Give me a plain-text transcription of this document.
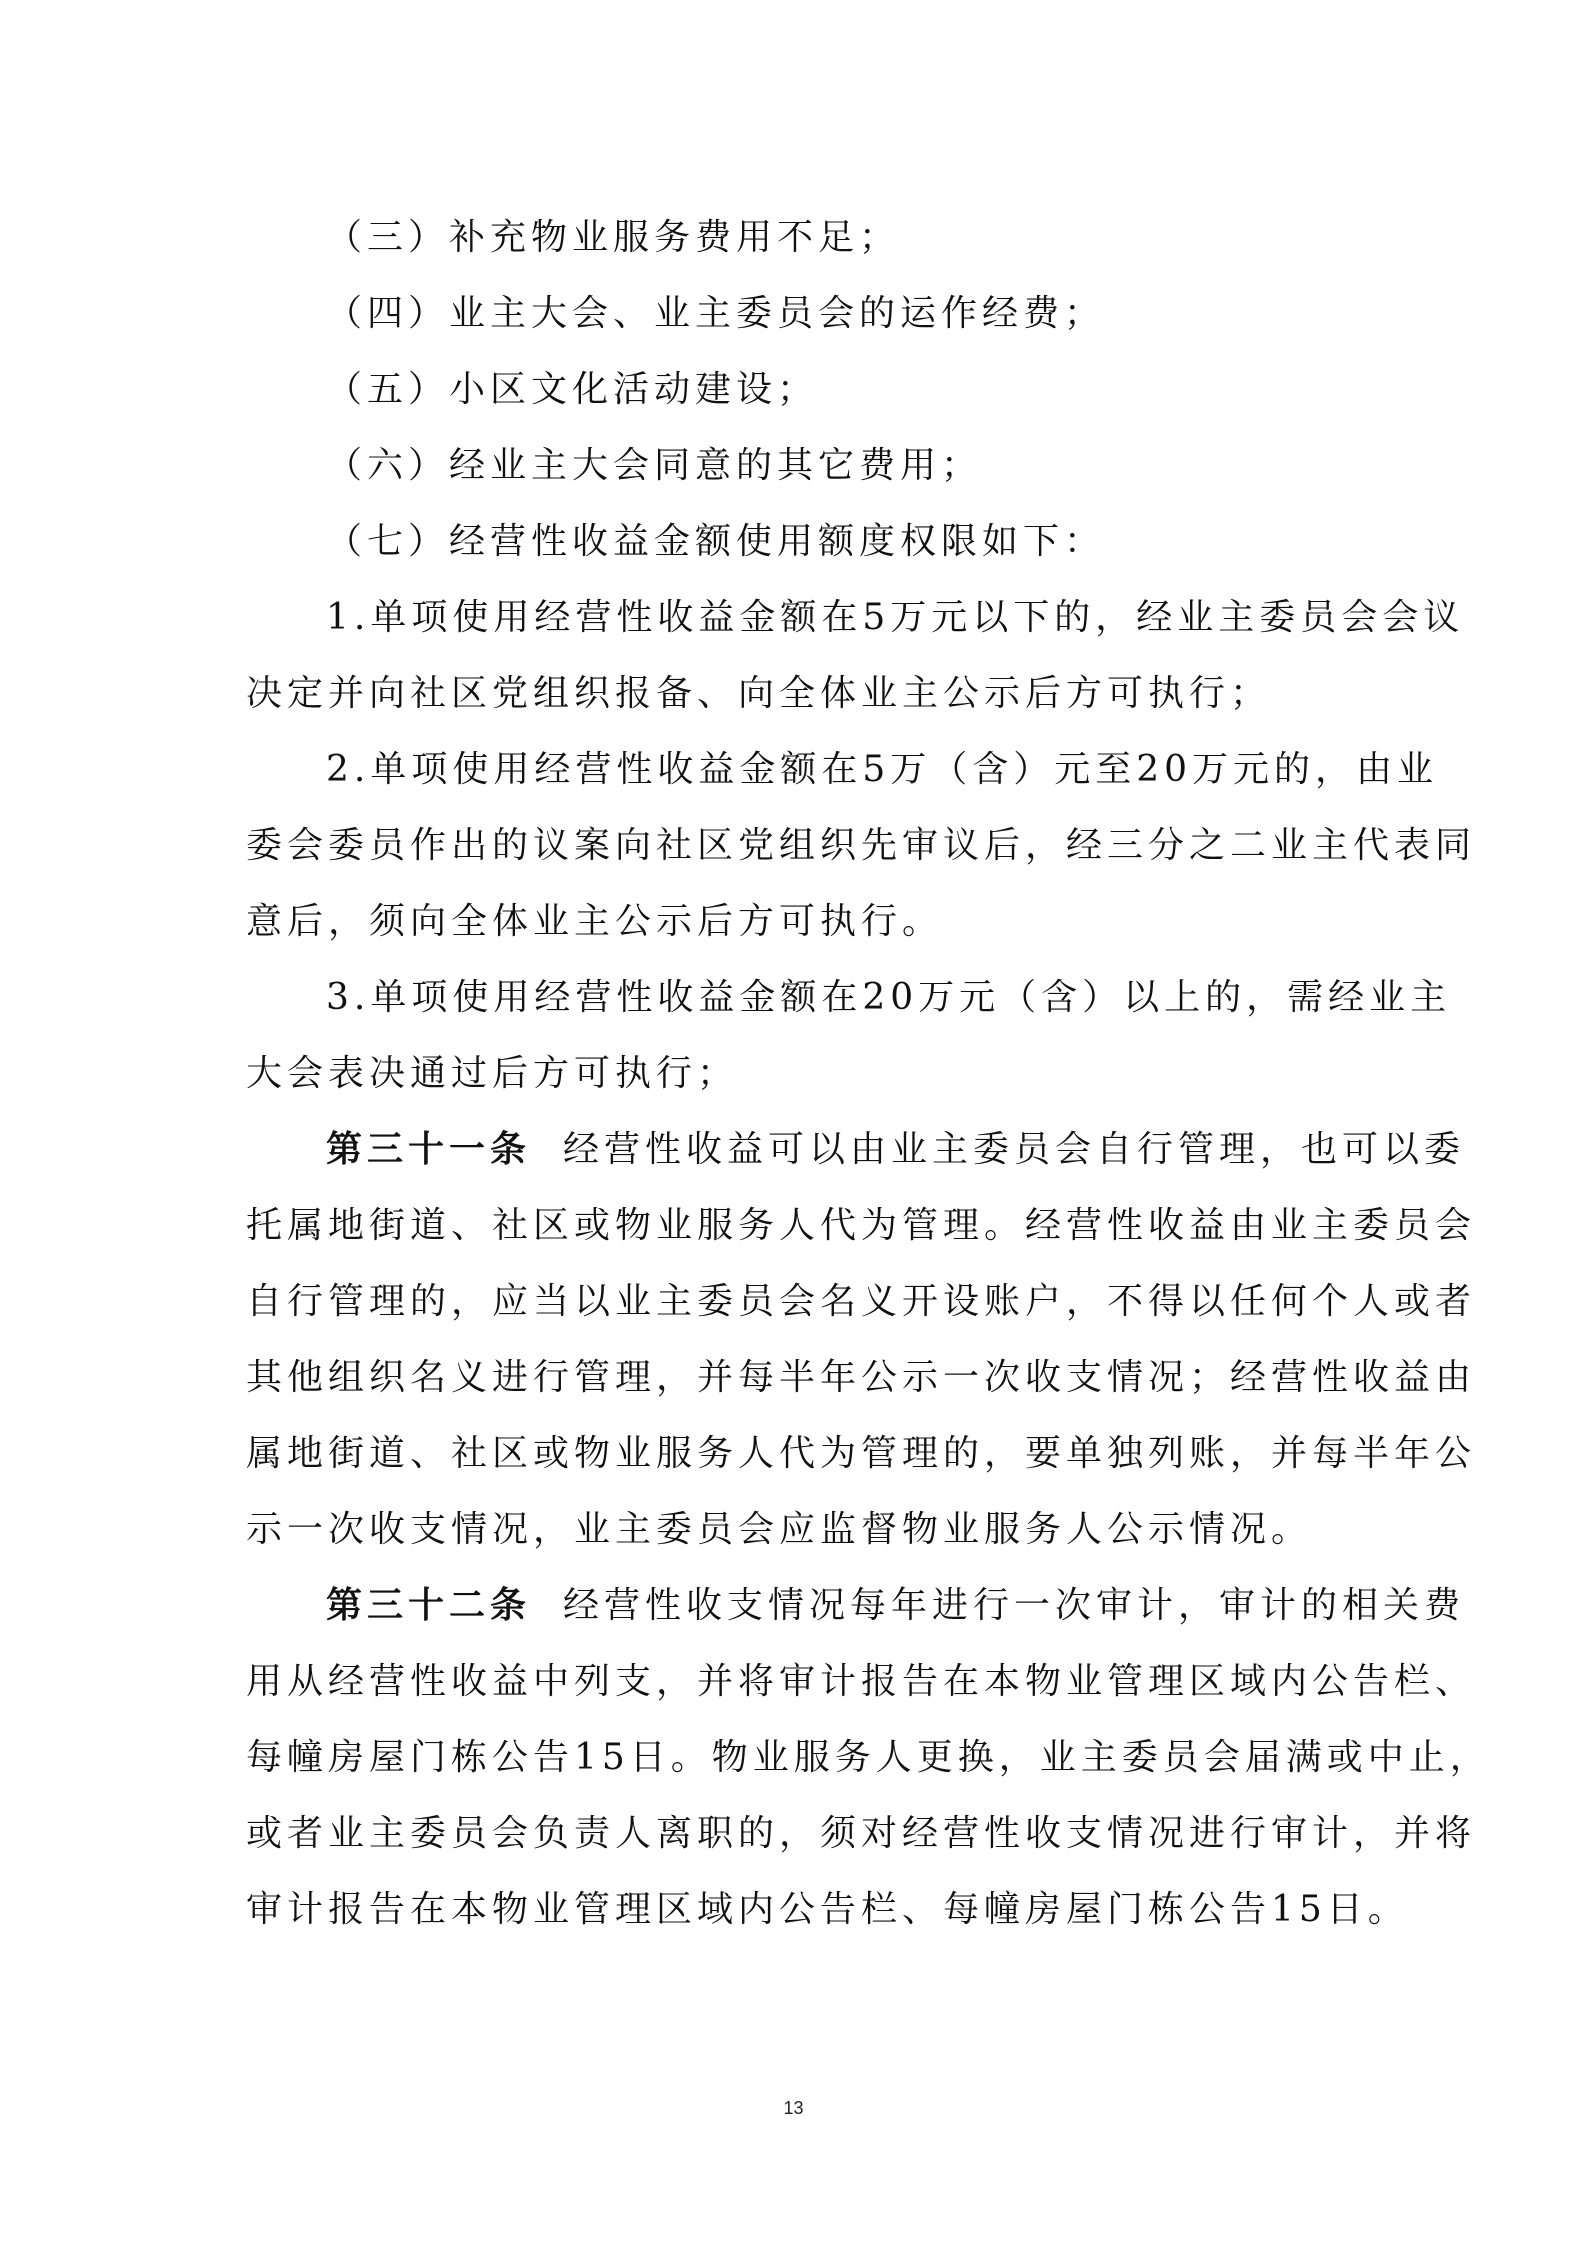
（三）补充物业服务费用不足；
（四）业主大会、业主委员会的运作经费；
（五）小区文化活动建设；
（六）经业主大会同意的其它费用；
（七）经营性收益金额使用额度权限如下：
1.单项使用经营性收益金额在5万元以下的，经业主委员会会议
决定并向社区党组织报备、向全体业主公示后方可执行；
2.单项使用经营性收益金额在5万（含）元至20万元的，由业
委会委员作出的议案向社区党组织先审议后，经三分之二业主代表同
意后，须向全体业主公示后方可执行。
3.单项使用经营性收益金额在20万元（含）以上的，需经业主
大会表决通过后方可执行；
第三十一条 经营性收益可以由业主委员会自行管理，也可以委
托属地街道、社区或物业服务人代为管理。经营性收益由业主委员会
自行管理的，应当以业主委员会名义开设账户，不得以任何个人或者
其他组织名义进行管理，并每半年公示一次收支情况；经营性收益由
属地街道、社区或物业服务人代为管理的，要单独列账，并每半年公
示一次收支情况，业主委员会应监督物业服务人公示情况。
第三十二条 经营性收支情况每年进行一次审计，审计的相关费
用从经营性收益中列支，并将审计报告在本物业管理区域内公告栏、
每幢房屋门栋公告15日。物业服务人更换，业主委员会届满或中止，
或者业主委员会负责人离职的，须对经营性收支情况进行审计，并将
审计报告在本物业管理区域内公告栏、每幢房屋门栋公告15日。
13
